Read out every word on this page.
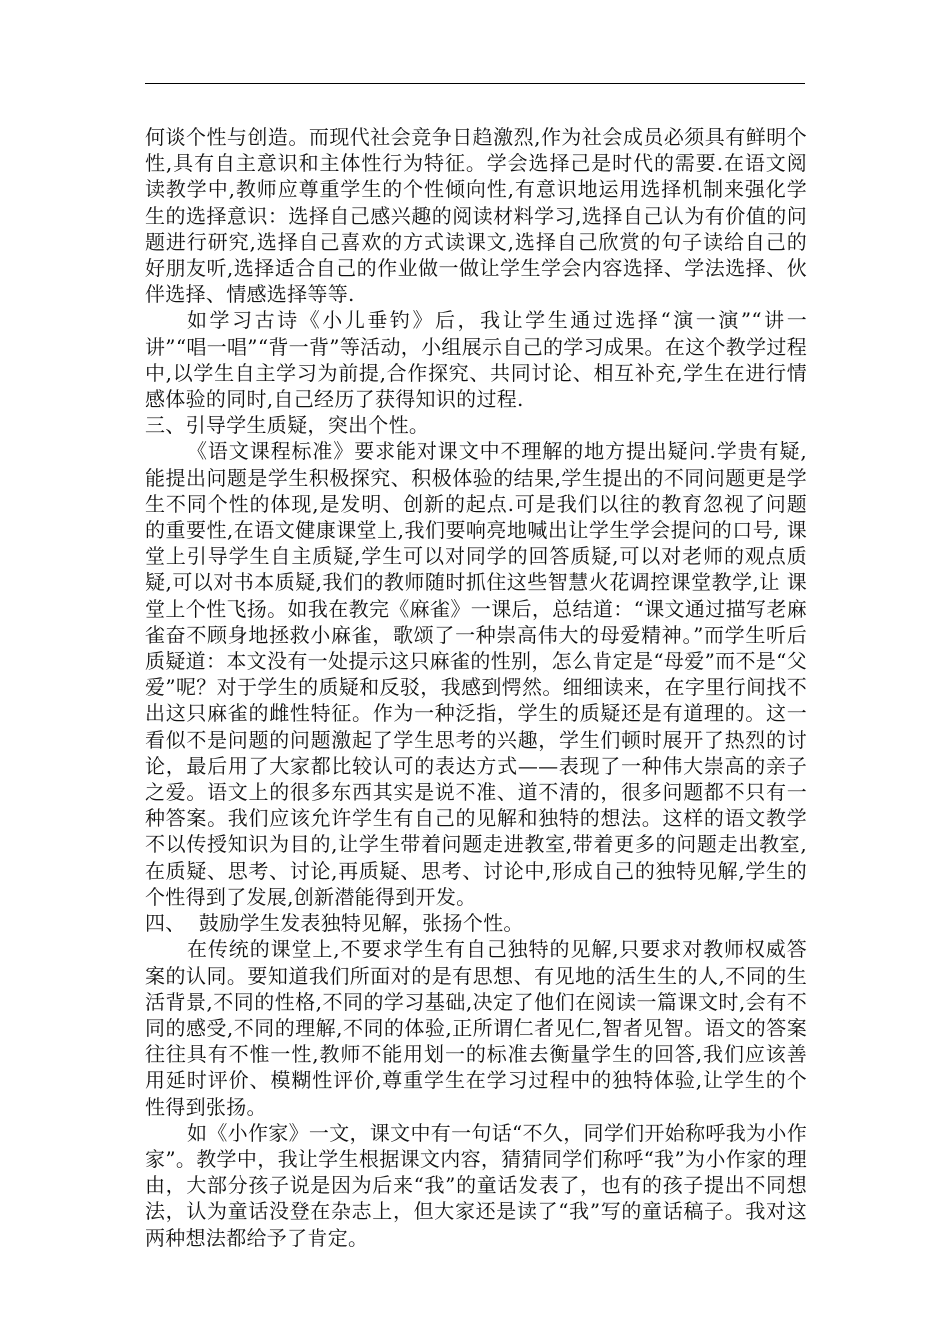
何谈个性与创造。而现代社会竞争日趋激烈,作为社会成员必须具有鲜明个性,具有自主意识和主体性行为特征。学会选择己是时代的需要.在语文阅读教学中,教师应尊重学生的个性倾向性,有意识地运用选择机制来强化学生的选择意识：选择自己感兴趣的阅读材料学习,选择自己认为有价值的问题进行研究,选择自己喜欢的方式读课文,选择自己欣赏的句子读给自己的好朋友听,选择适合自己的作业做一做让学生学会内容选择、学法选择、伙伴选择、情感选择等等.

如学习古诗《小儿垂钓》后，我让学生通过选择“演一演”“讲一讲”“唱一唱”“背一背”等活动，小组展示自己的学习成果。在这个教学过程中,以学生自主学习为前提,合作探究、共同讨论、相互补充,学生在进行情感体验的同时,自己经历了获得知识的过程.

三、引导学生质疑，突出个性。

《语文课程标准》要求能对课文中不理解的地方提出疑问.学贵有疑,能提出问题是学生积极探究、积极体验的结果,学生提出的不同问题更是学生不同个性的体现,是发明、创新的起点.可是我们以往的教育忽视了问题的重要性,在语文健康课堂上,我们要响亮地喊出让学生学会提问的口号, 课堂上引导学生自主质疑,学生可以对同学的回答质疑,可以对老师的观点质疑,可以对书本质疑,我们的教师随时抓住这些智慧火花调控课堂教学,让 课堂上个性飞扬。如我在教完《麻雀》一课后，总结道：“课文通过描写老麻雀奋不顾身地拯救小麻雀，歌颂了一种崇高伟大的母爱精神。”而学生听后质疑道：本文没有一处提示这只麻雀的性别，怎么肯定是“母爱”而不是“父爱”呢？对于学生的质疑和反驳，我感到愕然。细细读来，在字里行间找不出这只麻雀的雌性特征。作为一种泛指，学生的质疑还是有道理的。这一看似不是问题的问题激起了学生思考的兴趣，学生们顿时展开了热烈的讨论，最后用了大家都比较认可的表达方式——表现了一种伟大崇高的亲子之爱。语文上的很多东西其实是说不准、道不清的，很多问题都不只有一种答案。我们应该允许学生有自己的见解和独特的想法。这样的语文教学不以传授知识为目的,让学生带着问题走进教室,带着更多的问题走出教室,在质疑、思考、讨论,再质疑、思考、讨论中,形成自己的独特见解,学生的个性得到了发展,创新潜能得到开发。

四、  鼓励学生发表独特见解，张扬个性。

在传统的课堂上,不要求学生有自己独特的见解,只要求对教师权威答案的认同。要知道我们所面对的是有思想、有见地的活生生的人,不同的生活背景,不同的性格,不同的学习基础,决定了他们在阅读一篇课文时,会有不同的感受,不同的理解,不同的体验,正所谓仁者见仁,智者见智。语文的答案往往具有不惟一性,教师不能用划一的标准去衡量学生的回答,我们应该善用延时评价、模糊性评价,尊重学生在学习过程中的独特体验,让学生的个性得到张扬。

如《小作家》一文，课文中有一句话“不久，同学们开始称呼我为小作家”。教学中，我让学生根据课文内容，猜猜同学们称呼“我”为小作家的理由，大部分孩子说是因为后来“我”的童话发表了，也有的孩子提出不同想法，认为童话没登在杂志上，但大家还是读了“我”写的童话稿子。我对这两种想法都给予了肯定。
